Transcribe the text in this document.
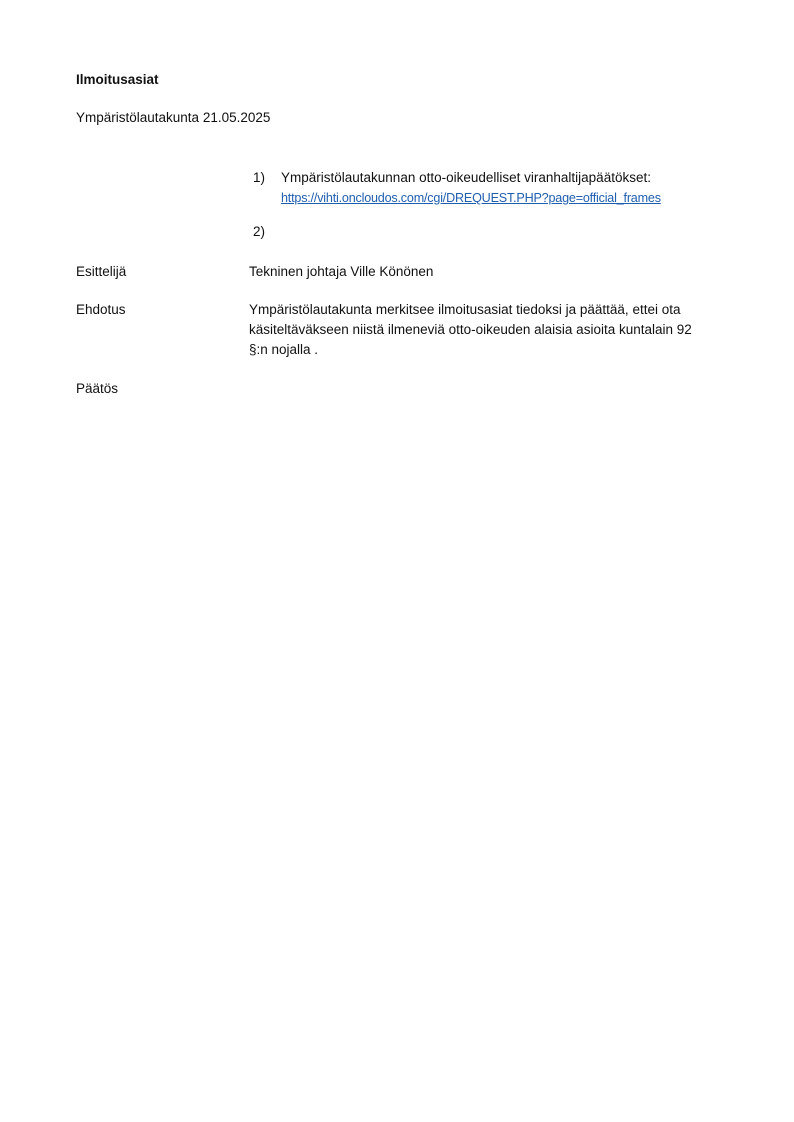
Ilmoitusasiat
Ympäristölautakunta 21.05.2025
1) Ympäristölautakunnan otto-oikeudelliset viranhaltijapäätökset:
https://vihti.oncloudos.com/cgi/DREQUEST.PHP?page=official_frames
2)
Esittelijä	Tekninen johtaja Ville Könönen
Ehdotus	Ympäristölautakunta merkitsee ilmoitusasiat tiedoksi ja päättää, ettei ota
käsiteltäväkseen niistä ilmeneviä otto-oikeuden alaisia asioita kuntalain 92
§:n nojalla .
Päätös
